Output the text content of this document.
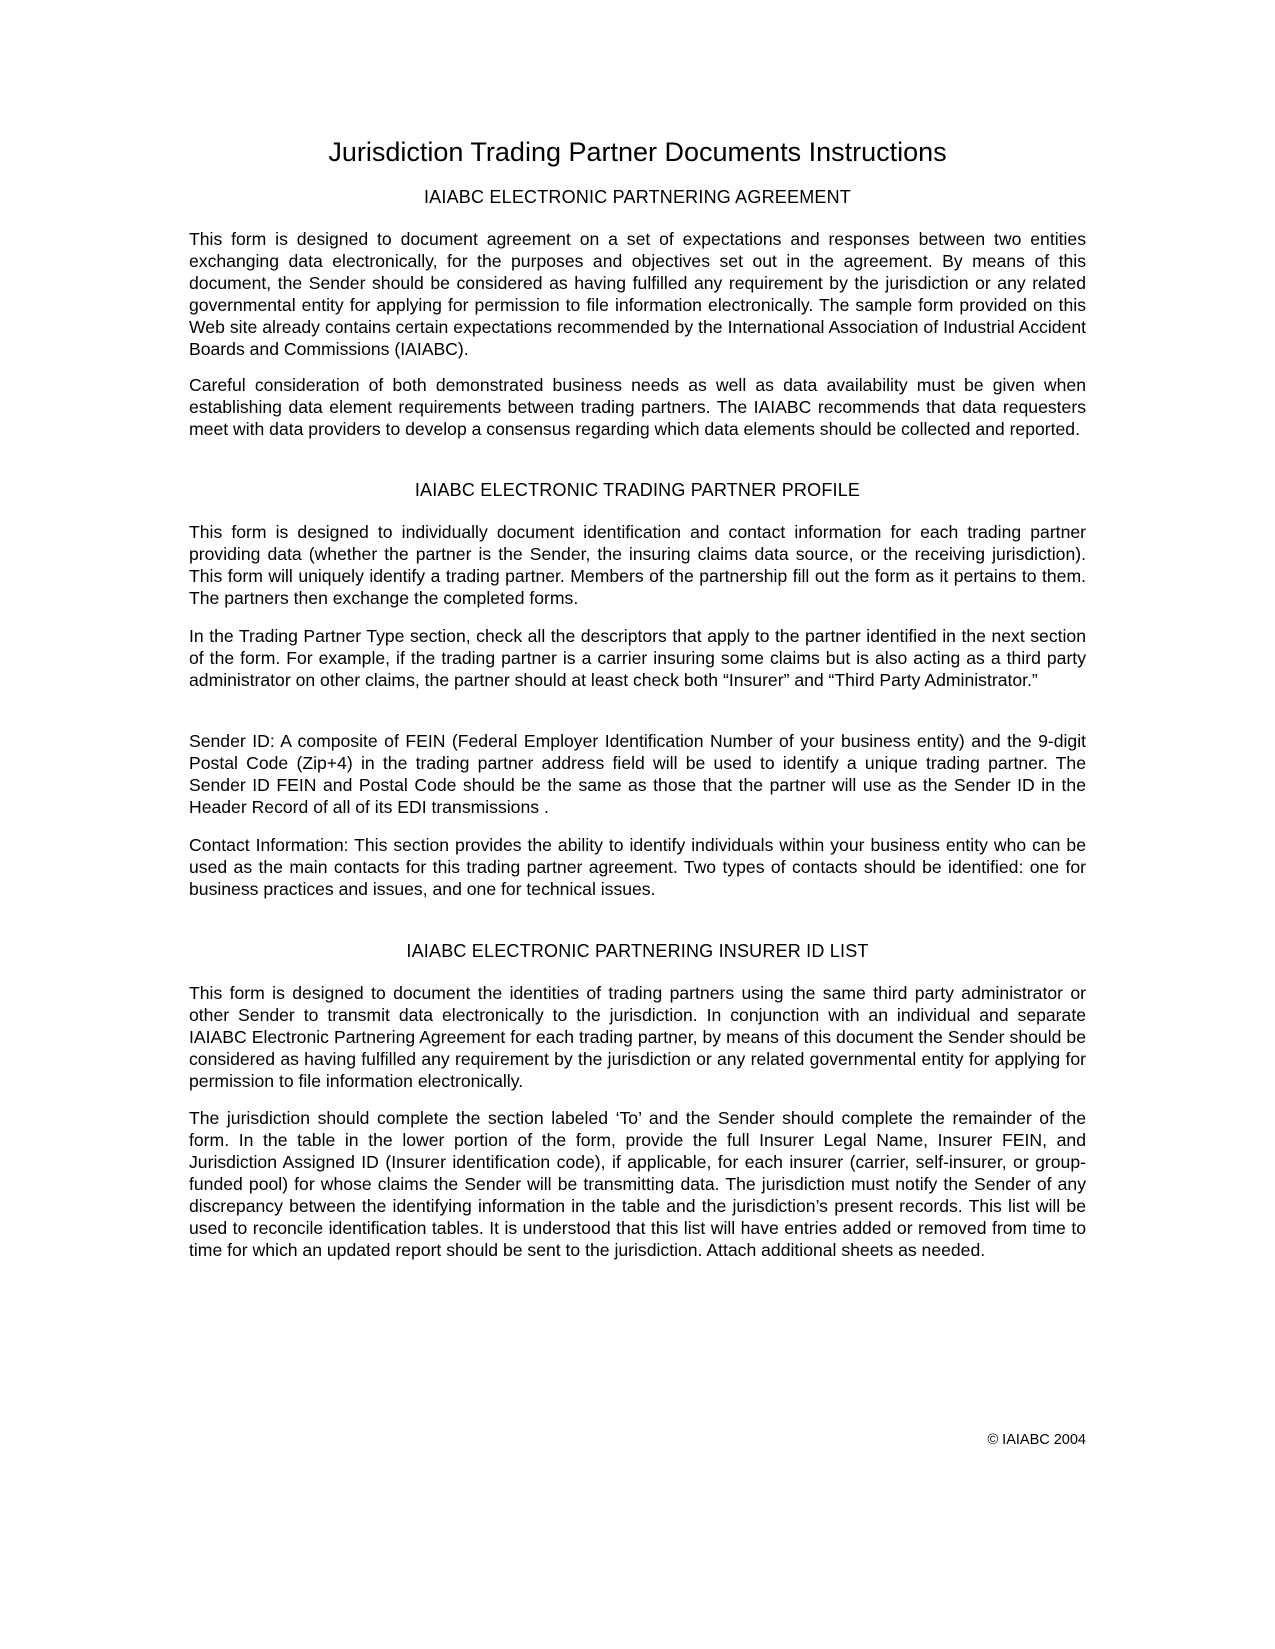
Jurisdiction Trading Partner Documents Instructions
IAIABC ELECTRONIC PARTNERING AGREEMENT

This form is designed to document agreement on a set of expectations and responses between two entities exchanging data electronically, for the purposes and objectives set out in the agreement. By means of this document, the Sender should be considered as having fulfilled any requirement by the jurisdiction or any related governmental entity for applying for permission to file information electronically. The sample form provided on this Web site already contains certain expectations recommended by the International Association of Industrial Accident Boards and Commissions (IAIABC).

Careful consideration of both demonstrated business needs as well as data availability must be given when establishing data element requirements between trading partners. The IAIABC recommends that data requesters meet with data providers to develop a consensus regarding which data elements should be collected and reported.

IAIABC ELECTRONIC TRADING PARTNER PROFILE

This form is designed to individually document identification and contact information for each trading partner providing data (whether the partner is the Sender, the insuring claims data source, or the receiving jurisdiction). This form will uniquely identify a trading partner. Members of the partnership fill out the form as it pertains to them. The partners then exchange the completed forms.

In the Trading Partner Type section, check all the descriptors that apply to the partner identified in the next section of the form. For example, if the trading partner is a carrier insuring some claims but is also acting as a third party administrator on other claims, the partner should at least check both “Insurer” and “Third Party Administrator.”

Sender ID: A composite of FEIN (Federal Employer Identification Number of your business entity) and the 9-digit Postal Code (Zip+4) in the trading partner address field will be used to identify a unique trading partner. The Sender ID FEIN and Postal Code should be the same as those that the partner will use as the Sender ID in the Header Record of all of its EDI transmissions .

Contact Information: This section provides the ability to identify individuals within your business entity who can be used as the main contacts for this trading partner agreement. Two types of contacts should be identified: one for business practices and issues, and one for technical issues.

IAIABC ELECTRONIC PARTNERING INSURER ID LIST

This form is designed to document the identities of trading partners using the same third party administrator or other Sender to transmit data electronically to the jurisdiction. In conjunction with an individual and separate IAIABC Electronic Partnering Agreement for each trading partner, by means of this document the Sender should be considered as having fulfilled any requirement by the jurisdiction or any related governmental entity for applying for permission to file information electronically.

The jurisdiction should complete the section labeled ‘To’ and the Sender should complete the remainder of the form. In the table in the lower portion of the form, provide the full Insurer Legal Name, Insurer FEIN, and Jurisdiction Assigned ID (Insurer identification code), if applicable, for each insurer (carrier, self-insurer, or group-funded pool) for whose claims the Sender will be transmitting data. The jurisdiction must notify the Sender of any discrepancy between the identifying information in the table and the jurisdiction’s present records. This list will be used to reconcile identification tables. It is understood that this list will have entries added or removed from time to time for which an updated report should be sent to the jurisdiction. Attach additional sheets as needed.

© IAIABC 2004
